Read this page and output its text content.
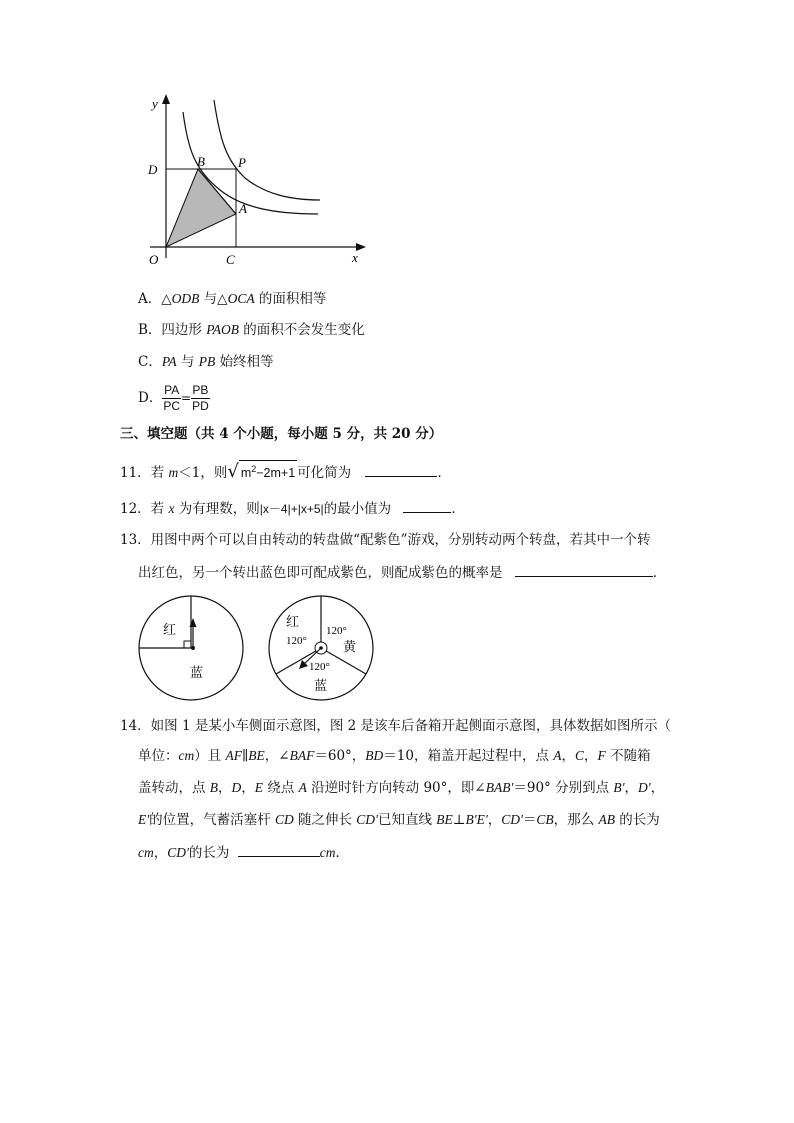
y
x
O
B	P
D
A
C
A．△ODB 与△OCA 的面积相等
B．四边形 PAOB 的面积不会发生变化
C．PA 与 PB 始终相等
D． $\frac{PA}{PC} = \frac{PB}{PD}$
三、填空题（共 4 个小题，每小题 5 分，共 20 分）
11．若 m＜1，则√ $m^2-2m+1$ 可化简为	．
12．若 x 为有理数，则|x－4|+|x+5|的最小值为	．
13．用图中两个可以自由转动的转盘做“配紫色”游戏，分别转动两个转盘，若其中一个转
出红色，另一个转出蓝色即可配成紫色，则配成紫色的概率是	．
红
蓝
红
120°
120°
黄
120°
蓝
14．如图 1 是某小车侧面示意图，图 2 是该车后备箱开起侧面示意图，具体数据如图所示（
单位：cm）且 AF∥BE，∠BAF＝60°，BD＝10，箱盖开起过程中，点 A，C，F 不随箱
盖转动，点 B，D，E 绕点 A 沿逆时针方向转动 90°，即∠BAB'＝90° 分别到点 B'，D'，
E'的位置，气蓄活塞杆 CD 随之伸长 CD'已知直线 BE⊥B'E'，CD'＝CB，那么 AB 的长为
cm，CD'的长为	cm．
